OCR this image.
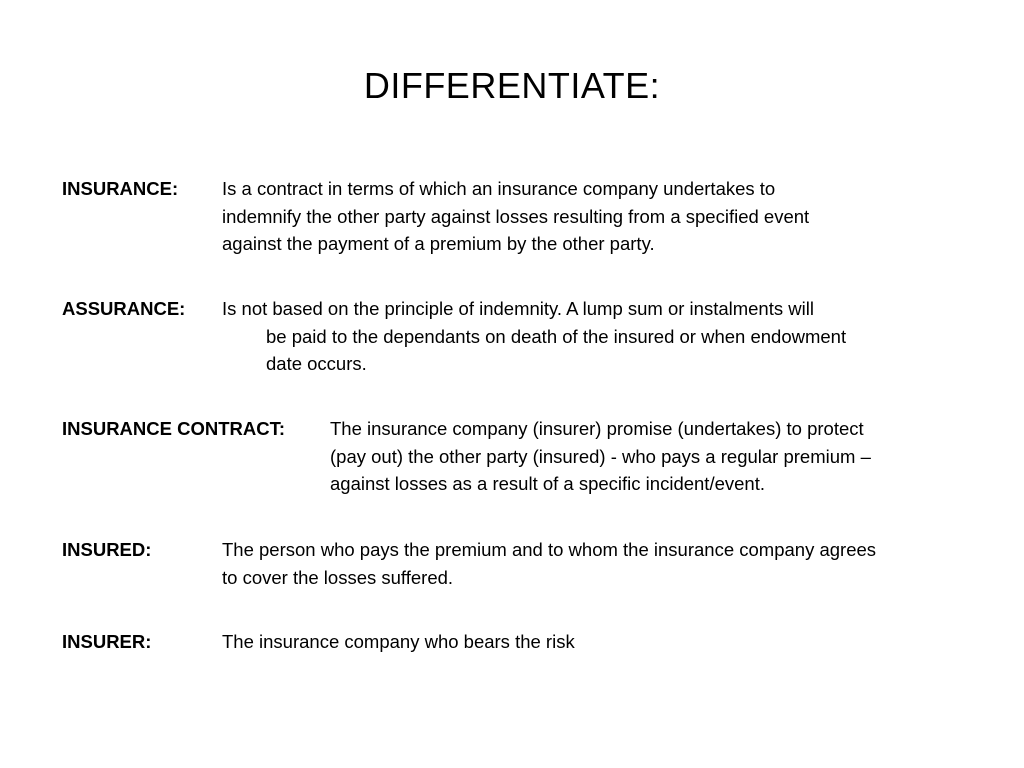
DIFFERENTIATE:
INSURANCE: Is a contract in terms of which an insurance company undertakes to
indemnify the other party against losses resulting from a specified event
against the payment of a premium by the other party.
ASSURANCE: Is not based on the principle of indemnity. A lump sum or instalments will
be paid to the dependants on death of the insured or when endowment
date occurs.
INSURANCE CONTRACT: The insurance company (insurer) promise (undertakes) to protect
(pay out) the other party (insured) - who pays a regular premium –
against losses as a result of a specific incident/event.
INSURED:	The person who pays the premium and to whom the insurance company agrees
to cover the losses suffered.
INSURER:	The insurance company who bears the risk
